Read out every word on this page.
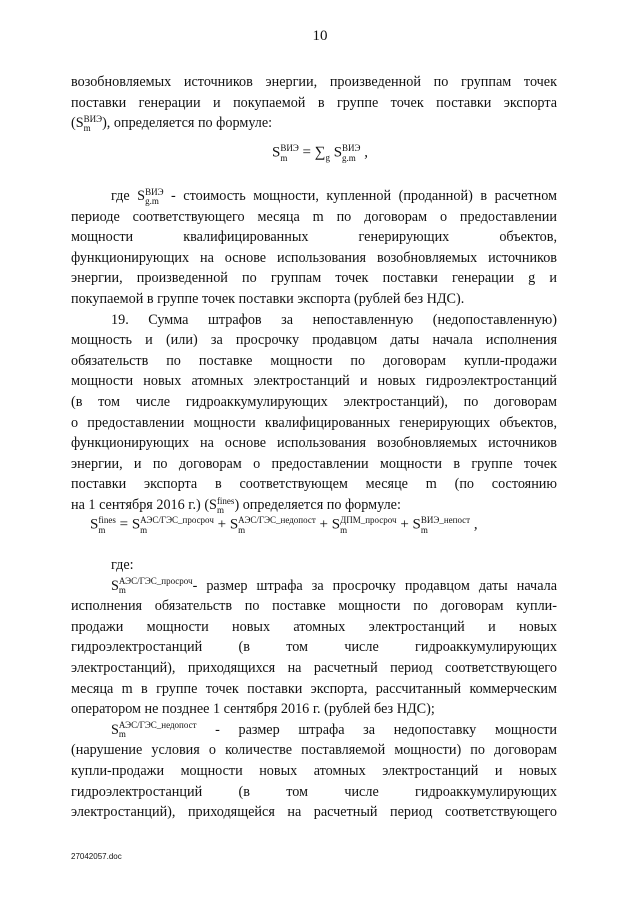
10

возобновляемых источников энергии, произведенной по группам точек

поставки генерации и покупаемой в группе точек поставки экспорта

(S ВИЭ
m ), определяется по формуле:

S ВИЭ
$m = \sum_g$ S ВИЭ
g.m ,

где S ВИЭ
g.m - стоимость мощности, купленной (проданной) в расчетном

периоде соответствующего месяца m по договорам о предоставлении

мощности квалифицированных генерирующих объектов,

функционирующих на основе использования возобновляемых источников

энергии, произведенной по группам точек поставки генерации g и

покупаемой в группе точек поставки экспорта (рублей без НДС).

19. Сумма штрафов за непоставленную (недопоставленную)

мощность и (или) за просрочку продавцом даты начала исполнения

обязательств по поставке мощности по договорам купли-продажи

мощности новых атомных электростанций и новых гидроэлектростанций

(в том числе гидроаккумулирующих электростанций), по договорам

о предоставлении мощности квалифицированных генерирующих объектов,

функционирующих на основе использования возобновляемых источников

энергии, и по договорам о предоставлении мощности в группе точек

поставки экспорта в соответствующем месяце m (по состоянию

на 1 сентября 2016 г.) (S fines
m ) определяется по формуле:

S fines
m = S АЭС/ГЭС_просроч
m	+ S АЭС/ГЭС_недопост
m	+ S ДПМ_просроч
m	+ S ВИЭ_непост
m	,

где:

S АЭС/ГЭС_просроч
m	- размер штрафа за просрочку продавцом даты начала

исполнения обязательств по поставке мощности по договорам купли-

продажи мощности новых атомных электростанций и новых

гидроэлектростанций (в том числе гидроаккумулирующих

электростанций), приходящихся на расчетный период соответствующего

месяца m в группе точек поставки экспорта, рассчитанный коммерческим

оператором не позднее 1 сентября 2016 г. (рублей без НДС);

S АЭС/ГЭС_недопост
m	- размер штрафа за недопоставку мощности

(нарушение условия о количестве поставляемой мощности) по договорам

купли-продажи мощности новых атомных электростанций и новых

гидроэлектростанций (в том числе гидроаккумулирующих

электростанций), приходящейся на расчетный период соответствующего

27042057.doc
